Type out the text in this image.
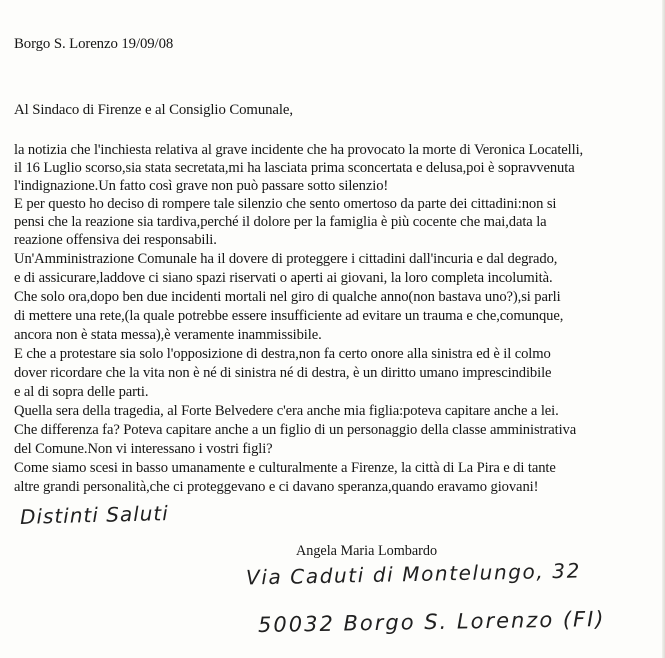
Borgo S. Lorenzo 19/09/08
Al Sindaco di Firenze e al Consiglio Comunale,
la notizia che l'inchiesta relativa al grave incidente che ha provocato la morte di Veronica Locatelli,
il 16 Luglio scorso,sia stata secretata,mi ha lasciata prima sconcertata e delusa,poi è sopravvenuta
l'indignazione.Un fatto così grave non può passare sotto silenzio!
E per questo ho deciso di rompere tale silenzio che sento omertoso da parte dei cittadini:non si
pensi che la reazione sia tardiva,perché il dolore per la famiglia è più cocente che mai,data la
reazione offensiva dei responsabili.
Un'Amministrazione Comunale ha il dovere di proteggere i cittadini dall'incuria e dal degrado,
e di assicurare,laddove ci siano spazi riservati o aperti ai giovani, la loro completa incolumità.
Che solo ora,dopo ben due incidenti mortali nel giro di qualche anno(non bastava uno?),si parli
di mettere una rete,(la quale potrebbe essere insufficiente ad evitare un trauma e che,comunque,
ancora non è stata messa),è veramente inammissibile.
E che a protestare sia solo l'opposizione di destra,non fa certo onore alla sinistra ed è il colmo
dover ricordare che la vita non è né di sinistra né di destra, è un diritto umano imprescindibile
e al di sopra delle parti.
Quella sera della tragedia, al Forte Belvedere c'era anche mia figlia:poteva capitare anche a lei.
Che differenza fa? Poteva capitare anche a un figlio di un personaggio della classe amministrativa
del Comune.Non vi interessano i vostri figli?
Come siamo scesi in basso umanamente e culturalmente a Firenze, la città di La Pira e di tante
altre grandi personalità,che ci proteggevano e ci davano speranza,quando eravamo giovani!
Distinti Saluti
Angela Maria Lombardo
Via Caduti di Montelungo, 32
50032 Borgo S. Lorenzo (FI)
